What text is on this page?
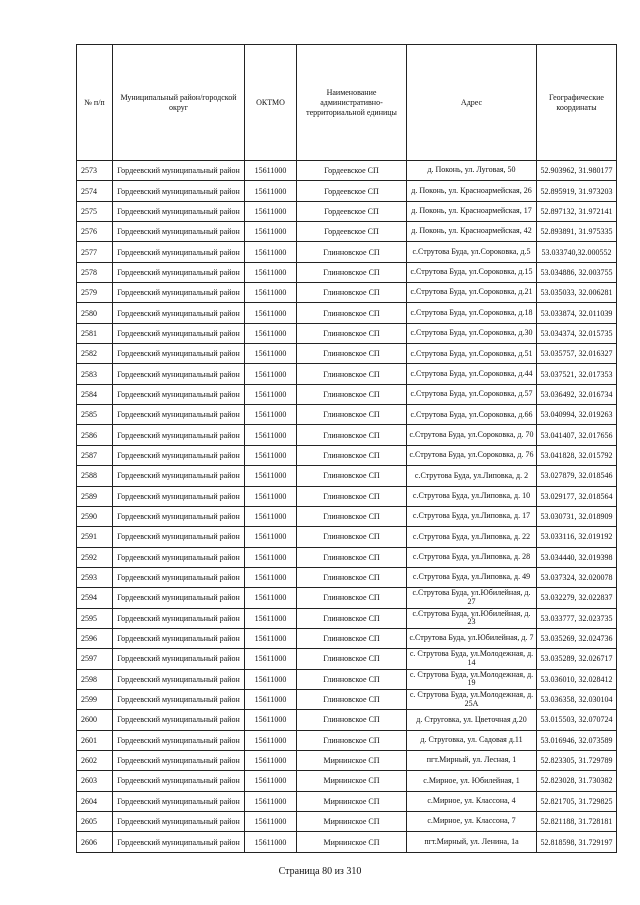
№ п/п	Муниципальный район/городской округ	ОКТМО	Наименование административно-территориальной единицы	Адрес	Географические координаты
2573	Гордеевский муниципальный район	15611000	Гордеевское СП	д. Поконь, ул. Луговая, 50	52.903962, 31.980177
2574	Гордеевский муниципальный район	15611000	Гордеевское СП	д. Поконь, ул. Красноармейская, 26	52.895919, 31.973203
2575	Гордеевский муниципальный район	15611000	Гордеевское СП	д. Поконь, ул. Красноармейская, 17	52.897132, 31.972141
2576	Гордеевский муниципальный район	15611000	Гордеевское СП	д. Поконь, ул. Красноармейская, 42	52.893891, 31.975335
2577	Гордеевский муниципальный район	15611000	Глинновское СП	с.Струтова Буда, ул.Сороковка, д.5	53.033740,32.000552
2578	Гордеевский муниципальный район	15611000	Глинновское СП	с.Струтова Буда, ул.Сороковка, д.15	53.034886, 32.003755
2579	Гордеевский муниципальный район	15611000	Глинновское СП	с.Струтова Буда, ул.Сороковка, д.21	53.035033, 32.006281
2580	Гордеевский муниципальный район	15611000	Глинновское СП	с.Струтова Буда, ул.Сороковка, д.18	53.033874, 32.011039
2581	Гордеевский муниципальный район	15611000	Глинновское СП	с.Струтова Буда, ул.Сороковка, д.30	53.034374, 32.015735
2582	Гордеевский муниципальный район	15611000	Глинновское СП	с.Струтова Буда, ул.Сороковка, д.51	53.035757, 32.016327
2583	Гордеевский муниципальный район	15611000	Глинновское СП	с.Струтова Буда, ул.Сороковка, д.44	53.037521, 32.017353
2584	Гордеевский муниципальный район	15611000	Глинновское СП	с.Струтова Буда, ул.Сороковка, д.57	53.036492, 32.016734
2585	Гордеевский муниципальный район	15611000	Глинновское СП	с.Струтова Буда, ул.Сороковка, д.66	53.040994, 32.019263
2586	Гордеевский муниципальный район	15611000	Глинновское СП	с.Струтова Буда, ул.Сороковка, д. 70	53.041407, 32.017656
2587	Гордеевский муниципальный район	15611000	Глинновское СП	с.Струтова Буда, ул.Сороковка, д. 76	53.041828, 32.015792
2588	Гордеевский муниципальный район	15611000	Глинновское СП	с.Струтова Буда, ул.Липовка, д. 2	53.027879, 32.018546
2589	Гордеевский муниципальный район	15611000	Глинновское СП	с.Струтова Буда, ул.Липовка, д. 10	53.029177, 32.018564
2590	Гордеевский муниципальный район	15611000	Глинновское СП	с.Струтова Буда, ул.Липовка, д. 17	53.030731, 32.018909
2591	Гордеевский муниципальный район	15611000	Глинновское СП	с.Струтова Буда, ул.Липовка, д. 22	53.033116, 32.019192
2592	Гордеевский муниципальный район	15611000	Глинновское СП	с.Струтова Буда, ул.Липовка, д. 28	53.034440, 32.019398
2593	Гордеевский муниципальный район	15611000	Глинновское СП	с.Струтова Буда, ул.Липовка, д. 49	53.037324, 32.020078
2594	Гордеевский муниципальный район	15611000	Глинновское СП	с.Струтова Буда, ул.Юбилейная, д. 27	53.032279, 32.022837
2595	Гордеевский муниципальный район	15611000	Глинновское СП	с.Струтова Буда, ул.Юбилейная, д. 23	53.033777, 32.023735
2596	Гордеевский муниципальный район	15611000	Глинновское СП	с.Струтова Буда, ул.Юбилейная, д. 7	53.035269, 32.024736
2597	Гордеевский муниципальный район	15611000	Глинновское СП	с. Струтова Буда, ул.Молодежная, д. 14	53.035289, 32.026717
2598	Гордеевский муниципальный район	15611000	Глинновское СП	с. Струтова Буда, ул.Молодежная, д. 19	53.036010, 32.028412
2599	Гордеевский муниципальный район	15611000	Глинновское СП	с. Струтова Буда, ул.Молодежная, д. 25А	53.036358, 32.030104
2600	Гордеевский муниципальный район	15611000	Глинновское СП	д. Струговка, ул. Цветочная д.20	53.015503, 32.070724
2601	Гордеевский муниципальный район	15611000	Глинновское СП	д. Струговка, ул. Садовая д.11	53.016946, 32.073589
2602	Гордеевский муниципальный район	15611000	Мирнинское СП	пгт.Мирный, ул. Лесная, 1	52.823305, 31.729789
2603	Гордеевский муниципальный район	15611000	Мирнинское СП	с.Мирное, ул. Юбилейная, 1	52.823028, 31.730382
2604	Гордеевский муниципальный район	15611000	Мирнинское СП	с.Мирное, ул. Классона, 4	52.821705, 31.729825
2605	Гордеевский муниципальный район	15611000	Мирнинское СП	с.Мирное, ул. Классона, 7	52.821188, 31.728181
2606	Гордеевский муниципальный район	15611000	Мирнинское СП	пгт.Мирный, ул. Ленина, 1а	52.818598, 31.729197
Страница 80 из 310
